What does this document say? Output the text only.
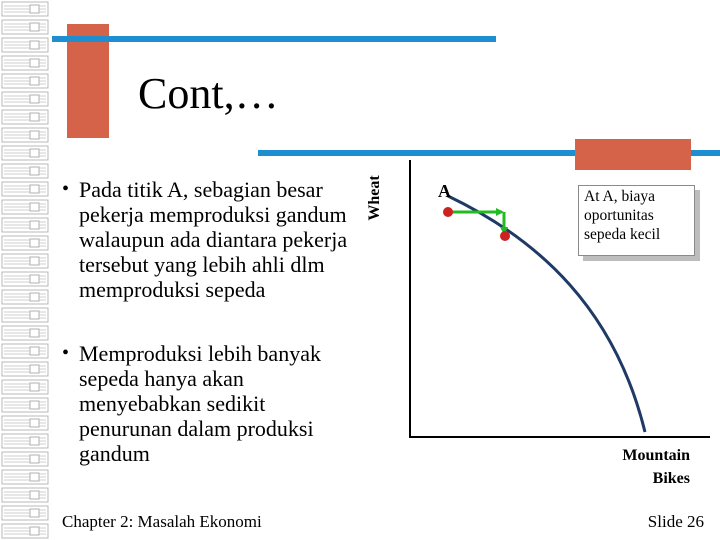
Cont,…
• Pada titik A, sebagian besar pekerja memproduksi gandum walaupun ada diantara pekerja tersebut yang lebih ahli dlm memproduksi sepeda
• Memproduksi lebih banyak sepeda hanya akan menyebabkan sedikit penurunan dalam produksi gandum
Wheat	A	At A, biaya
oportunitas
sepeda kecil
Mountain
Bikes
Chapter 2: Masalah Ekonomi	Slide 26
